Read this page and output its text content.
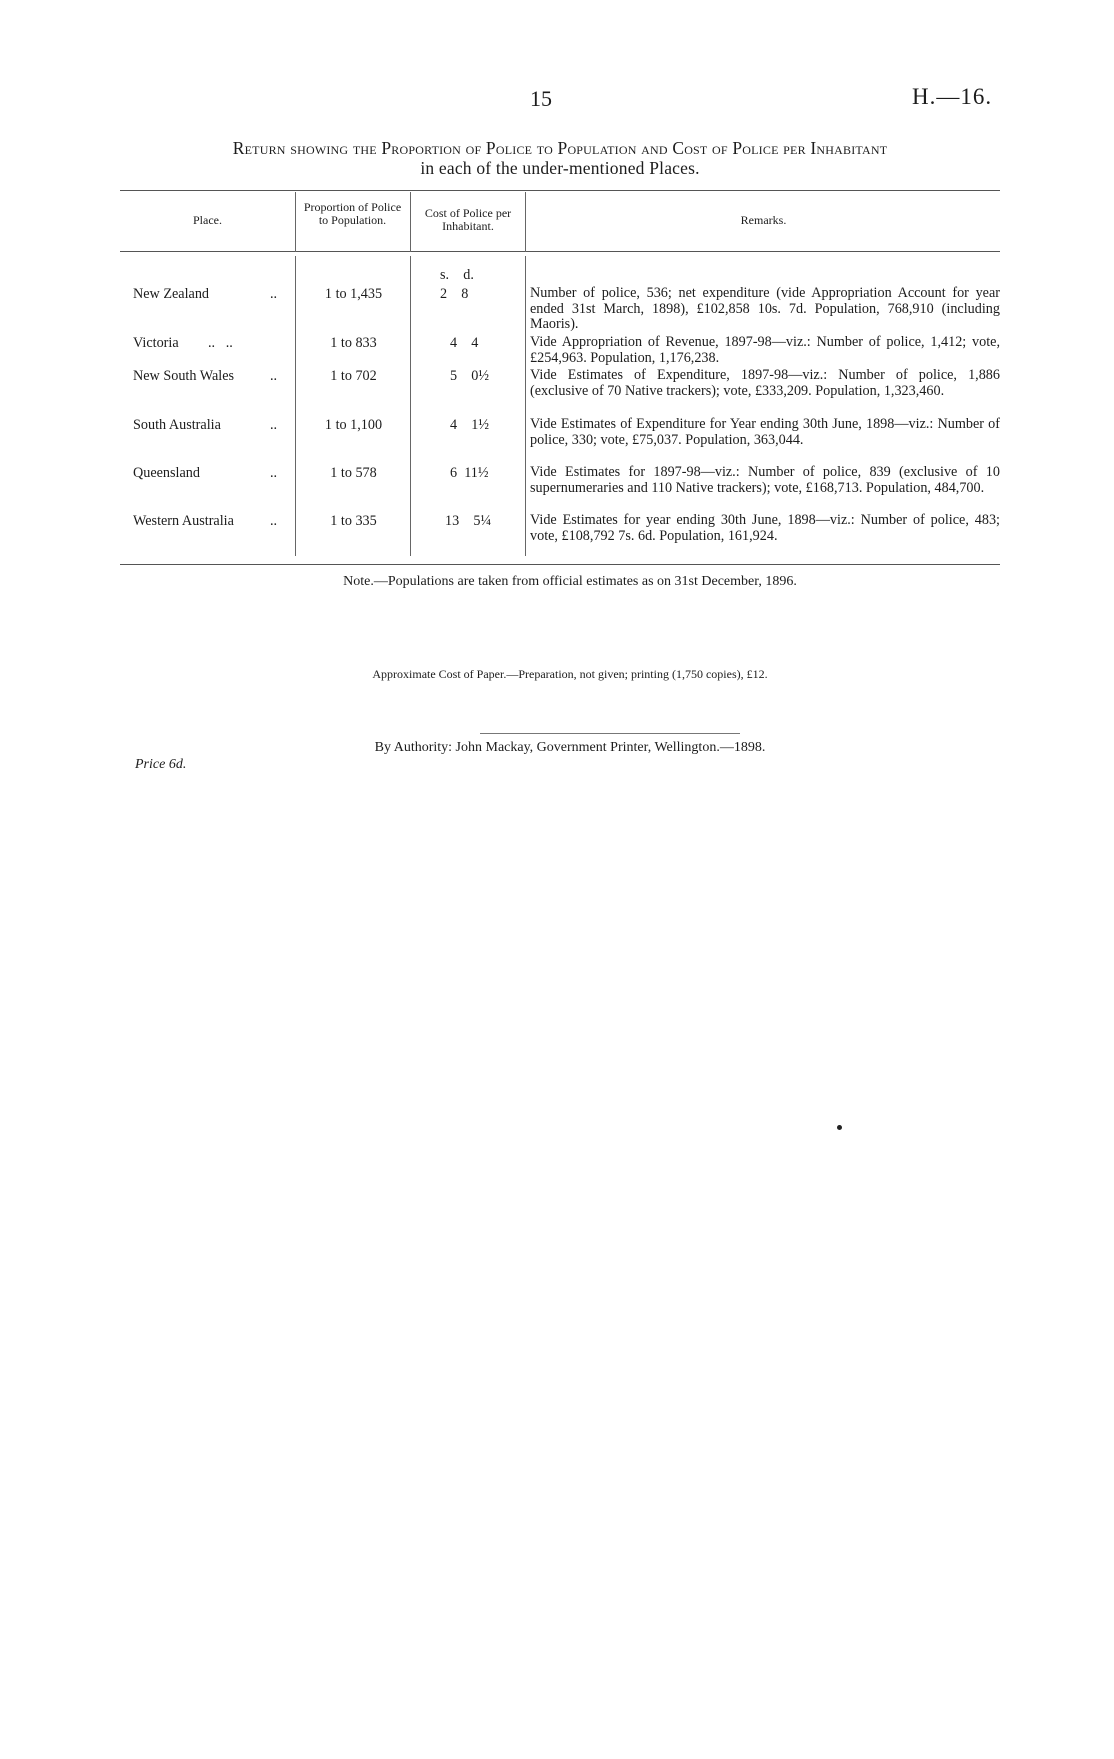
15	H.—16.
Return showing the Proportion of Police to Population and Cost of Police per Inhabitant
in each of the under-mentioned Places.
Place.
Proportion of Police to Population.	Cost of Police per Inhabitant.	Remarks.
s.    d.
New Zealand	..	1 to 1,435	2    8	Number of police, 536; net expenditure (vide Appropriation Account for year ended 31st March, 1898), £102,858 10s. 7d. Population, 768,910 (including Maoris).
Victoria ..   ..	1 to 833	4    4	Vide Appropriation of Revenue, 1897-98—viz.: Number of police, 1,412; vote, £254,963. Population, 1,176,238.
New South Wales	..	1 to 702	5    0½	Vide Estimates of Expenditure, 1897-98—viz.: Number of police, 1,886 (exclusive of 70 Native trackers); vote, £333,209. Population, 1,323,460.
South Australia	..	1 to 1,100	4    1½	Vide Estimates of Expenditure for Year ending 30th June, 1898—viz.: Number of police, 330; vote, £75,037. Population, 363,044.
Queensland	..	1 to 578	6  11½	Vide Estimates for 1897-98—viz.: Number of police, 839 (exclusive of 10 supernumeraries and 110 Native trackers); vote, £168,713. Population, 484,700.
Western Australia	..	1 to 335	13    5¼	Vide Estimates for year ending 30th June, 1898—viz.: Number of police, 483; vote, £108,792 7s. 6d. Population, 161,924.
Note.—Populations are taken from official estimates as on 31st December, 1896.
Approximate Cost of Paper.—Preparation, not given; printing (1,750 copies), £12.
By Authority: John Mackay, Government Printer, Wellington.—1898.
Price 6d.
